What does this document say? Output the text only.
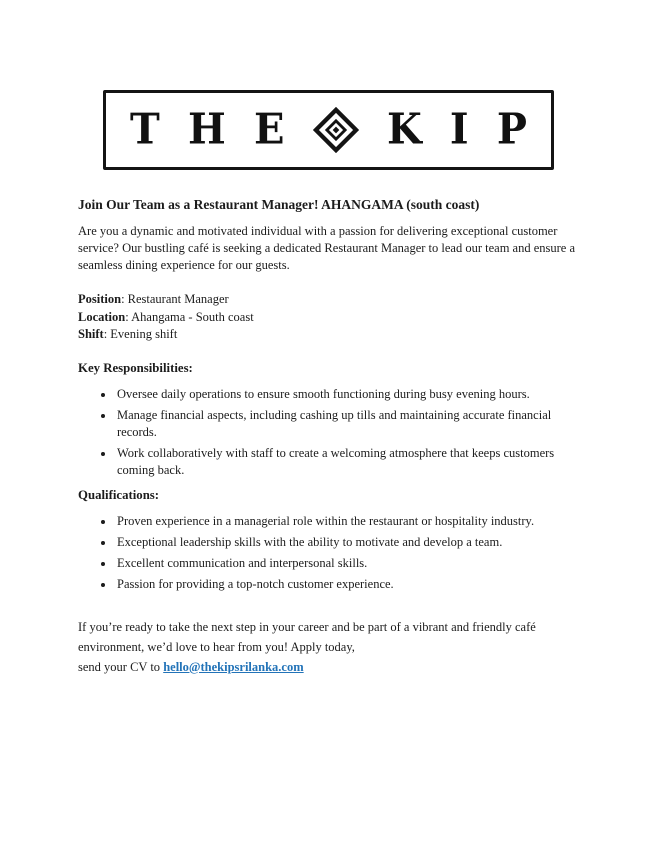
T H E	K I P
Join Our Team as a Restaurant Manager! AHANGAMA (south coast)
Are you a dynamic and motivated individual with a passion for delivering exceptional customer service? Our bustling café is seeking a dedicated Restaurant Manager to lead our team and ensure a seamless dining experience for our guests.
Position: Restaurant Manager
Location: Ahangama - South coast
Shift: Evening shift
Key Responsibilities:
• Oversee daily operations to ensure smooth functioning during busy evening hours.
• Manage financial aspects, including cashing up tills and maintaining accurate financial records.
• Work collaboratively with staff to create a welcoming atmosphere that keeps customers coming back.
Qualifications:
• Proven experience in a managerial role within the restaurant or hospitality industry.
• Exceptional leadership skills with the ability to motivate and develop a team.
• Excellent communication and interpersonal skills.
• Passion for providing a top-notch customer experience.
If you’re ready to take the next step in your career and be part of a vibrant and friendly café environment, we’d love to hear from you! Apply today,
send your CV to hello@thekipsrilanka.com
